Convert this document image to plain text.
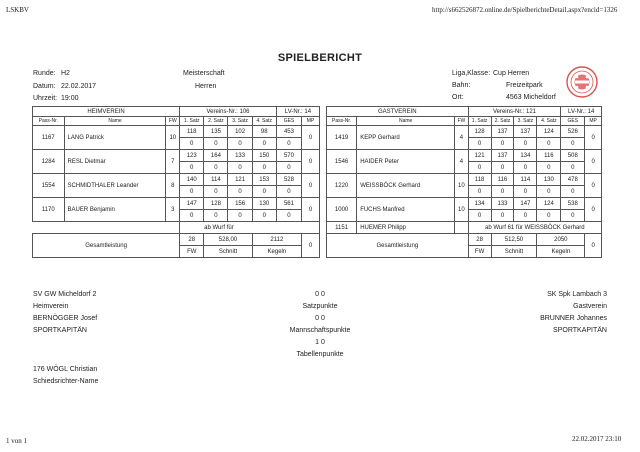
LSKBV	http://s662526872.online.de/SpielberichteDetail.aspx?encid=1326
1 von 1	22.02.2017 23:10
SPIELBERICHT
Runde: H2
Datum: 22.02.2017
Uhrzeit: 19:00
Meisterschaft
Herren
Liga,Klasse: Cup Herren
Bahn:	Freizeitpark
Ort:	4563 Micheldorf
HEIMVEREIN			Vereins-Nr.: 106				LV-Nr.: 14	
Pass-Nr.	Name	FW	1. Satz	2. Satz	3. Satz	4. Satz	GES	MP
1167	LANG Patrick	10	118	135	102	98	453	0
			0	0	0	0	0	
1284	RESL Dietmar	7	123	164	133	150	570	0
			0	0	0	0	0	
1554	SCHMIDTHALER Leander	8	140	114	121	153	528	0
			0	0	0	0	0	
1170	BAUER Benjamin	3	147	128	156	130	561	0
			0	0	0	0	0	
			ab Wurf für					
Gesamtleistung			28	528,00		2112		0
			FW	Schnitt		Kegeln		
GASTVEREIN			Vereins-Nr.: 121				LV-Nr.: 14	
Pass-Nr.	Name	FW	1. Satz	2. Satz	3. Satz	4. Satz	GES	MP
1419	KEPP Gerhard	4	128	137	137	124	526	0
			0	0	0	0	0	
1546	HAIDER Peter	4	121	137	134	116	508	0
			0	0	0	0	0	
1220	WEISSBÖCK Gerhard	10	118	116	114	130	478	0
			0	0	0	0	0	
1000	FUCHS Manfred	10	134	133	147	124	538	0
			0	0	0	0	0	
1151	HUEMER Philipp		ab Wurf 61 für WEISSBÖCK Gerhard					
Gesamtleistung			28	512,50		2050		0
			FW	Schnitt		Kegeln		
SV GW Micheldorf 2
Heimverein
BERNÖGGER Josef
SPORTKAPITÄN
0 0
Satzpunkte
0 0
Mannschaftspunkte
1 0
Tabellenpunkte
SK Spk Lambach 3
Gastverein
BRUNNER Johannes
SPORTKAPITÄN
176 WÖGL Christian
Schiedsrichter-Name
